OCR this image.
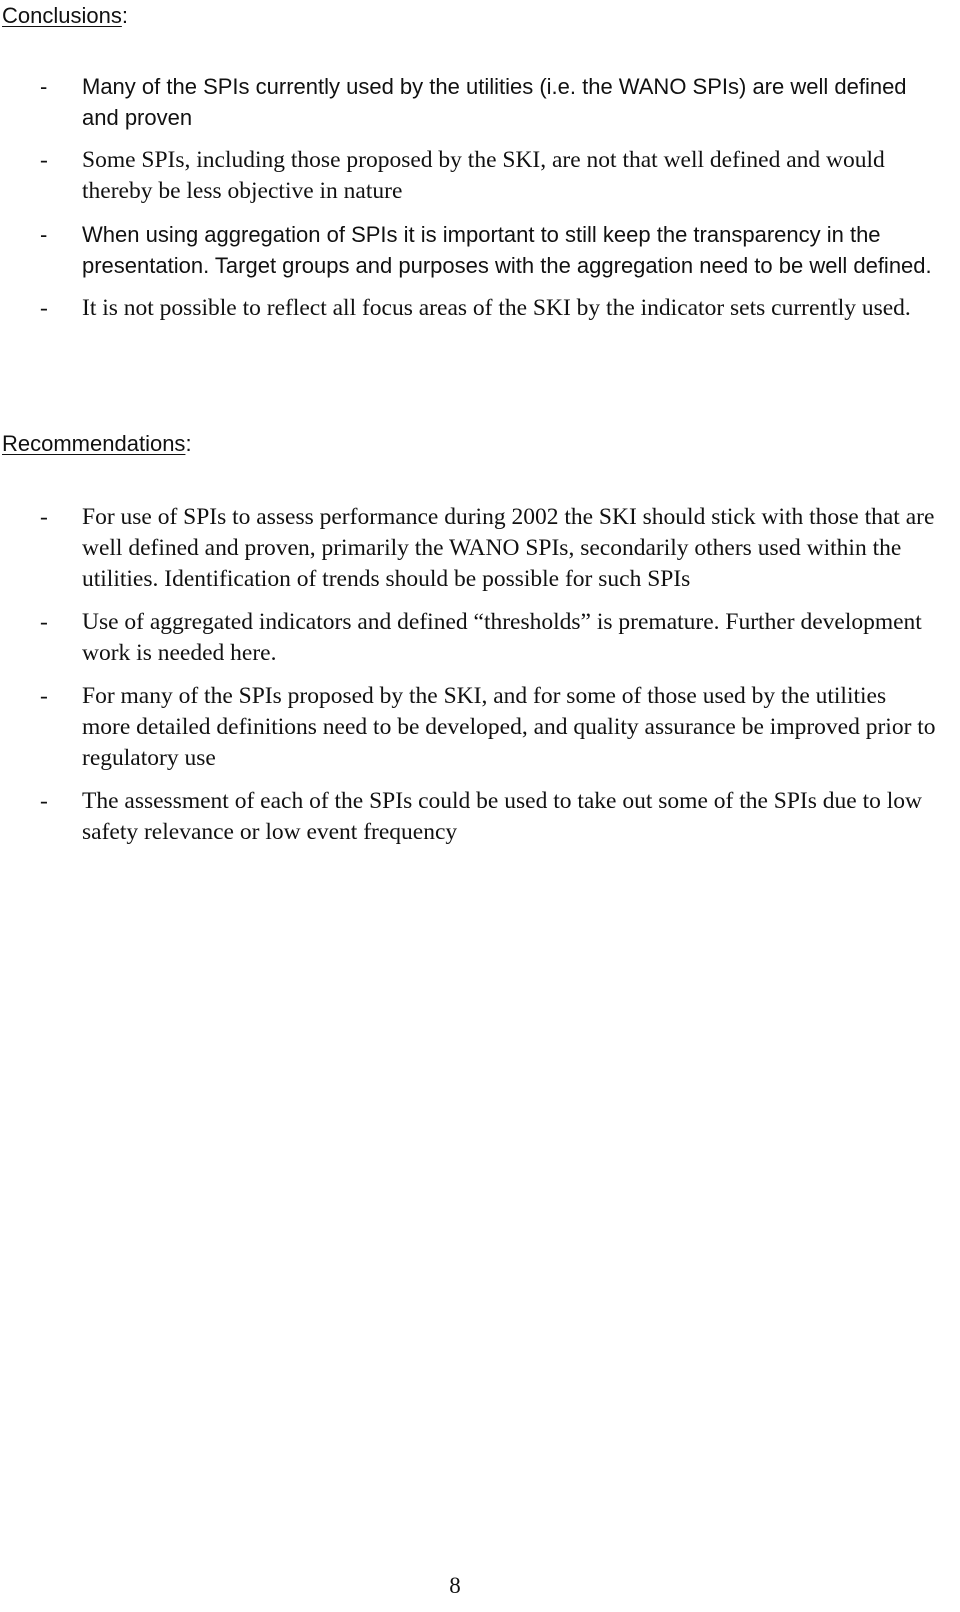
Conclusions:
- Many of the SPIs currently used by the utilities (i.e. the WANO SPIs) are well defined and proven
- Some SPIs, including those proposed by the SKI, are not that well defined and would thereby be less objective in nature
- When using aggregation of SPIs it is important to still keep the transparency in the presentation. Target groups and purposes with the aggregation need to be well defined.
- It is not possible to reflect all focus areas of the SKI by the indicator sets currently used.
Recommendations:
- For use of SPIs to assess performance during 2002 the SKI should stick with those that are well defined and proven, primarily the WANO SPIs, secondarily others used within the utilities. Identification of trends should be possible for such SPIs
- Use of aggregated indicators and defined “thresholds” is premature. Further development work is needed here.
- For many of the SPIs proposed by the SKI, and for some of those used by the utilities more detailed definitions need to be developed, and quality assurance be improved prior to regulatory use
- The assessment of each of the SPIs could be used to take out some of the SPIs due to low safety relevance or low event frequency
8
